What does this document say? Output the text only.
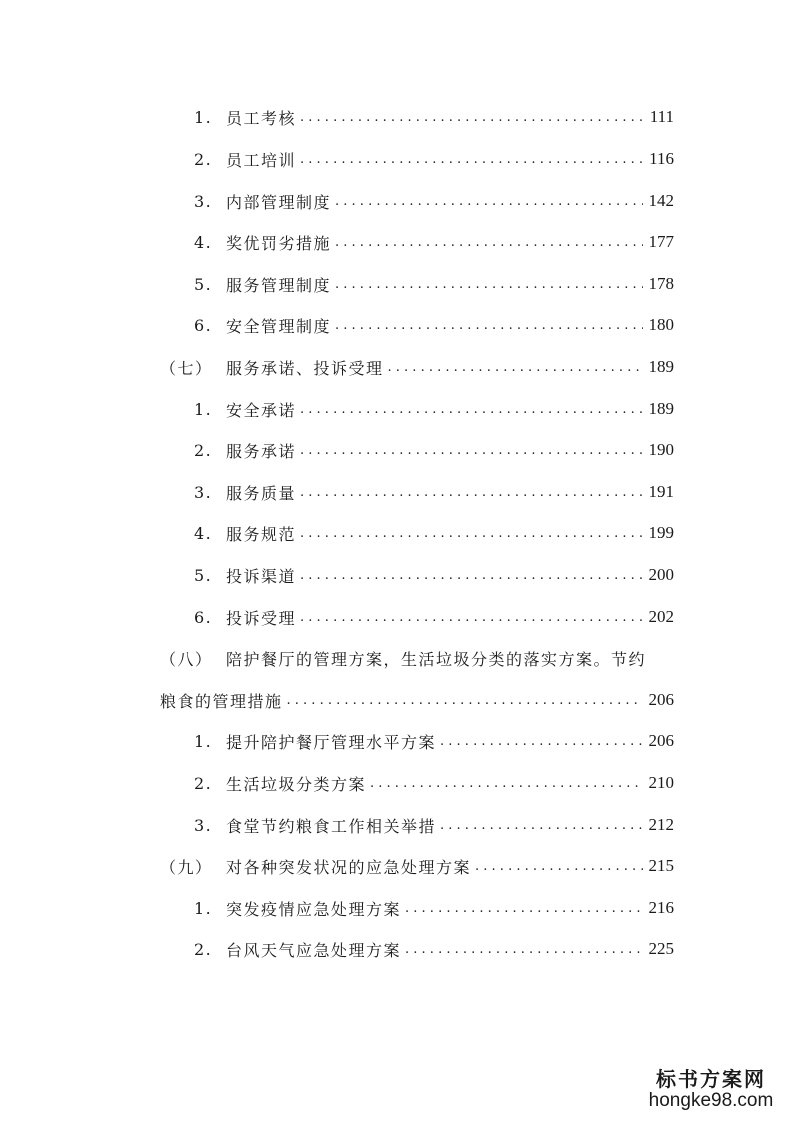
1. 员工考核 . . .	111
2. 员工培训 . . .	116
3. 内部管理制度 . . .	142
4. 奖优罚劣措施 . . .	177
5. 服务管理制度 . . .	178
6. 安全管理制度 . . .	180
（七） 服务承诺、投诉受理 . . .	189
1. 安全承诺 . . .	189
2. 服务承诺 . . .	190
3. 服务质量 . . .	191
4. 服务规范 . . .	199
5. 投诉渠道 . . .	200
6. 投诉受理 . . .	202
（八） 陪护餐厅的管理方案，生活垃圾分类的落实方案。节约
粮食的管理措施 . . .	206
1. 提升陪护餐厅管理水平方案 . . .	206
2. 生活垃圾分类方案 . . .	210
3. 食堂节约粮食工作相关举措 . . .	212
（九） 对各种突发状况的应急处理方案 . . .	215
1. 突发疫情应急处理方案 . . .	216
2. 台风天气应急处理方案 . . .	225
标书方案网
hongke98.com
